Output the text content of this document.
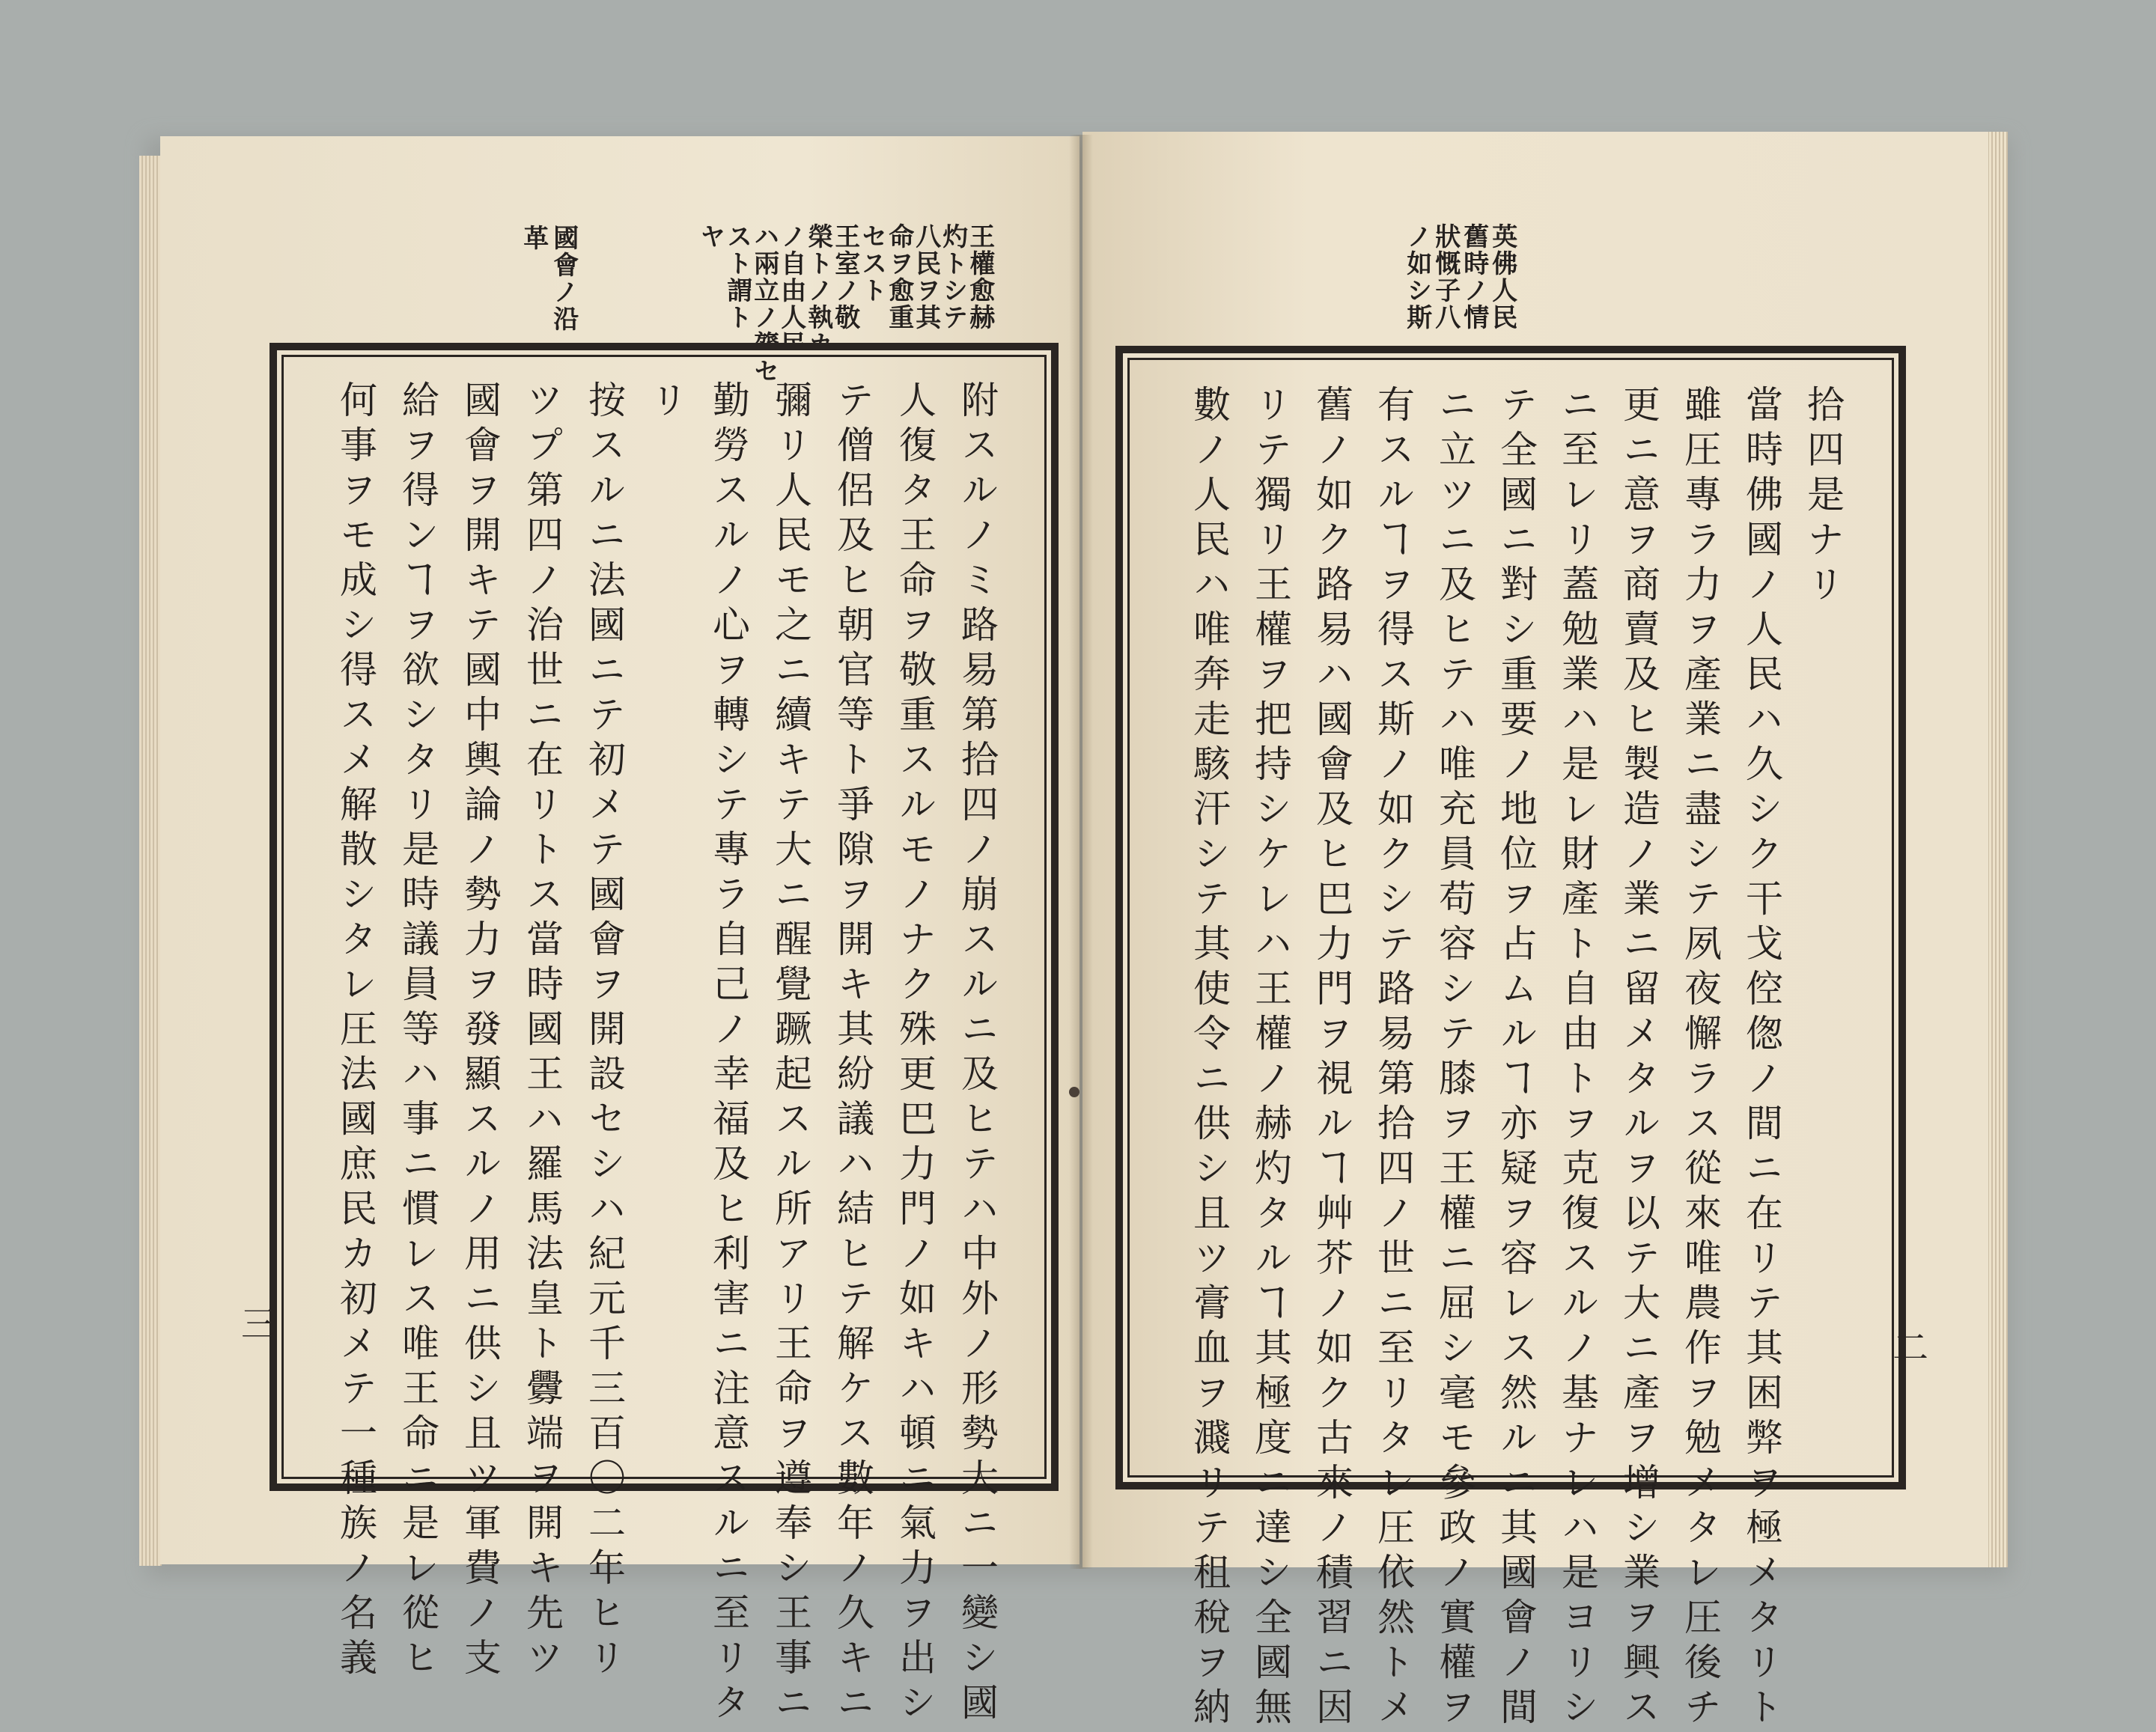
王權愈赫
灼トシテ
八民ヲ其
命ヲ愈重
セスト
王室ノ敬
榮トノ執カ
ノ自由人民
ハ兩立ノ膂セ
スト謂ト
ヤ
國會ノ沿
革	英佛人民
舊時ノ情
狀慨子八
ノ如シ斯
附スルノミ路易第拾四ノ崩スルニ及ヒテハ中外ノ形勢大ニ一變シ國
人復タ王命ヲ敬重スルモノナク殊更巴力門ノ如キハ頓ニ氣力ヲ出シ
テ僧侶及ヒ朝官等ト爭隙ヲ開キ其紛議ハ結ヒテ解ケス數年ノ久キニ
彌リ人民モ之ニ續キテ大ニ醒覺蹶起スル所アリ王命ヲ遵奉シ王事ニ
勤勞スルノ心ヲ轉シテ專ラ自己ノ幸福及ヒ利害ニ注意スルニ至リタ
リ
按スルニ法國ニテ初メテ國會ヲ開設セシハ紀元千三百〇二年ヒリ
ツプ第四ノ治世ニ在リトス當時國王ハ羅馬法皇ト釁端ヲ開キ先ツ
國會ヲ開キテ國中輿論ノ勢力ヲ發顯スルノ用ニ供シ且ツ軍費ノ支
給ヲ得ンヿヲ欲シタリ是時議員等ハ事ニ慣レス唯王命ニ是レ從ヒ
何事ヲモ成シ得スメ解散シタレ圧法國庶民カ初メテ一種族ノ名義	拾四是ナリ
當時佛國ノ人民ハ久シク干戈倥偬ノ間ニ在リテ其困弊ヲ極メタリト
雖圧專ラ力ヲ產業ニ盡シテ夙夜懈ラス從來唯農作ヲ勉メタレ圧後チ
更ニ意ヲ商賣及ヒ製造ノ業ニ留メタルヲ以テ大ニ產ヲ增シ業ヲ興ス
ニ至レリ蓋勉業ハ是レ財產ト自由トヲ克復スルノ基ナレハ是ヨリシ
テ全國ニ對シ重要ノ地位ヲ占ムルヿ亦疑ヲ容レス然ルニ其國會ノ間
ニ立ツニ及ヒテハ唯充員苟容シテ膝ヲ王權ニ屈シ毫モ參政ノ實權ヲ
有スルヿヲ得ス斯ノ如クシテ路易第拾四ノ世ニ至リタレ圧依然トメ
舊ノ如ク路易ハ國會及ヒ巴力門ヲ視ルヿ艸芥ノ如ク古來ノ積習ニ因
リテ獨リ王權ヲ把持シケレハ王權ノ赫灼タルヿ其極度ニ達シ全國無
數ノ人民ハ唯奔走駭汗シテ其使令ニ供シ且ツ膏血ヲ濺リテ租稅ヲ納
三
二
